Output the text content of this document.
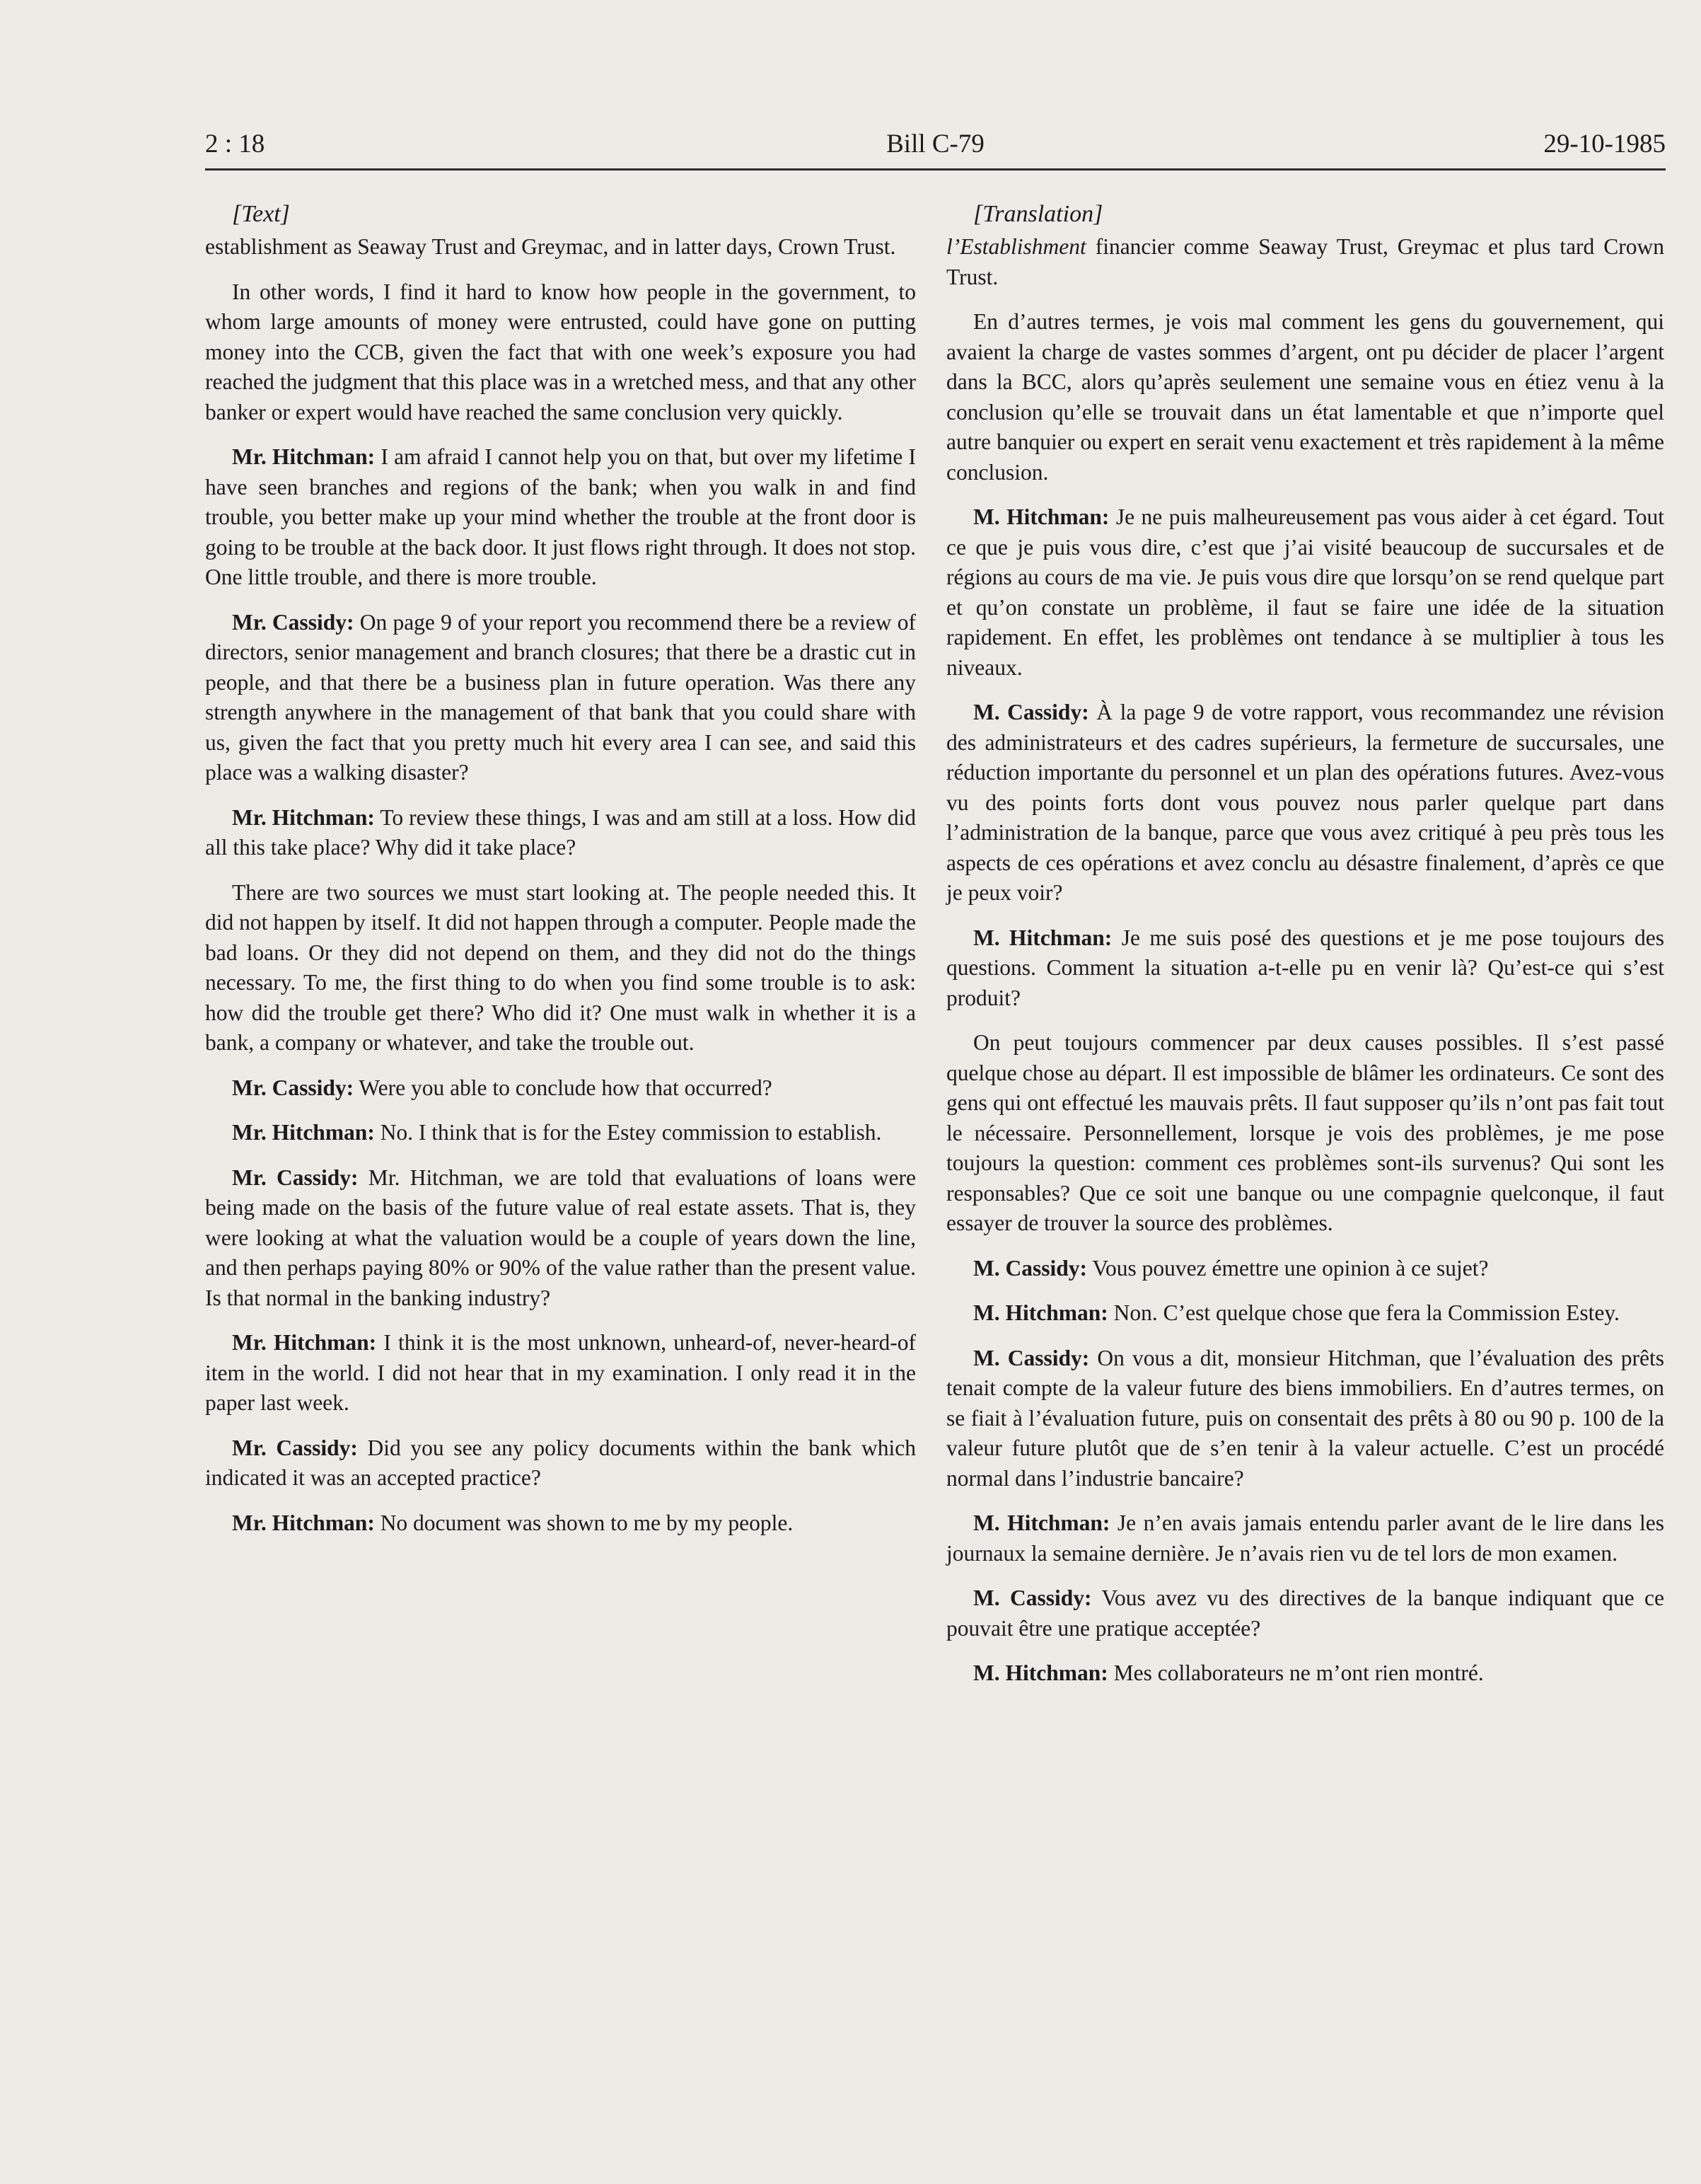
2 : 18	Bill C-79	29-10-1985

[Text]

establishment as Seaway Trust and Greymac, and in latter days, Crown Trust.

In other words, I find it hard to know how people in the government, to whom large amounts of money were entrusted, could have gone on putting money into the CCB, given the fact that with one week’s exposure you had reached the judgment that this place was in a wretched mess, and that any other banker or expert would have reached the same conclusion very quickly.

Mr. Hitchman: I am afraid I cannot help you on that, but over my lifetime I have seen branches and regions of the bank; when you walk in and find trouble, you better make up your mind whether the trouble at the front door is going to be trouble at the back door. It just flows right through. It does not stop. One little trouble, and there is more trouble.

Mr. Cassidy: On page 9 of your report you recommend there be a review of directors, senior management and branch closures; that there be a drastic cut in people, and that there be a business plan in future operation. Was there any strength anywhere in the management of that bank that you could share with us, given the fact that you pretty much hit every area I can see, and said this place was a walking disaster?

Mr. Hitchman: To review these things, I was and am still at a loss. How did all this take place? Why did it take place?

There are two sources we must start looking at. The people needed this. It did not happen by itself. It did not happen through a computer. People made the bad loans. Or they did not depend on them, and they did not do the things necessary. To me, the first thing to do when you find some trouble is to ask: how did the trouble get there? Who did it? One must walk in whether it is a bank, a company or whatever, and take the trouble out.

Mr. Cassidy: Were you able to conclude how that occurred?

Mr. Hitchman: No. I think that is for the Estey commission to establish.

Mr. Cassidy: Mr. Hitchman, we are told that evaluations of loans were being made on the basis of the future value of real estate assets. That is, they were looking at what the valuation would be a couple of years down the line, and then perhaps paying 80% or 90% of the value rather than the present value. Is that normal in the banking industry?

Mr. Hitchman: I think it is the most unknown, unheard-of, never-heard-of item in the world. I did not hear that in my examination. I only read it in the paper last week.

Mr. Cassidy: Did you see any policy documents within the bank which indicated it was an accepted practice?

Mr. Hitchman: No document was shown to me by my people.

[Translation]

l’Establishment financier comme Seaway Trust, Greymac et plus tard Crown Trust.

En d’autres termes, je vois mal comment les gens du gouvernement, qui avaient la charge de vastes sommes d’argent, ont pu décider de placer l’argent dans la BCC, alors qu’après seulement une semaine vous en étiez venu à la conclusion qu’elle se trouvait dans un état lamentable et que n’importe quel autre banquier ou expert en serait venu exactement et très rapidement à la même conclusion.

M. Hitchman: Je ne puis malheureusement pas vous aider à cet égard. Tout ce que je puis vous dire, c’est que j’ai visité beaucoup de succursales et de régions au cours de ma vie. Je puis vous dire que lorsqu’on se rend quelque part et qu’on constate un problème, il faut se faire une idée de la situation rapidement. En effet, les problèmes ont tendance à se multiplier à tous les niveaux.

M. Cassidy: À la page 9 de votre rapport, vous recommandez une révision des administrateurs et des cadres supérieurs, la fermeture de succursales, une réduction importante du personnel et un plan des opérations futures. Avez-vous vu des points forts dont vous pouvez nous parler quelque part dans l’administration de la banque, parce que vous avez critiqué à peu près tous les aspects de ces opérations et avez conclu au désastre finalement, d’après ce que je peux voir?

M. Hitchman: Je me suis posé des questions et je me pose toujours des questions. Comment la situation a-t-elle pu en venir là? Qu’est-ce qui s’est produit?

On peut toujours commencer par deux causes possibles. Il s’est passé quelque chose au départ. Il est impossible de blâmer les ordinateurs. Ce sont des gens qui ont effectué les mauvais prêts. Il faut supposer qu’ils n’ont pas fait tout le nécessaire. Personnellement, lorsque je vois des problèmes, je me pose toujours la question: comment ces problèmes sont-ils survenus? Qui sont les responsables? Que ce soit une banque ou une compagnie quelconque, il faut essayer de trouver la source des problèmes.

M. Cassidy: Vous pouvez émettre une opinion à ce sujet?

M. Hitchman: Non. C’est quelque chose que fera la Commission Estey.

M. Cassidy: On vous a dit, monsieur Hitchman, que l’évaluation des prêts tenait compte de la valeur future des biens immobiliers. En d’autres termes, on se fiait à l’évaluation future, puis on consentait des prêts à 80 ou 90 p. 100 de la valeur future plutôt que de s’en tenir à la valeur actuelle. C’est un procédé normal dans l’industrie bancaire?

M. Hitchman: Je n’en avais jamais entendu parler avant de le lire dans les journaux la semaine dernière. Je n’avais rien vu de tel lors de mon examen.

M. Cassidy: Vous avez vu des directives de la banque indiquant que ce pouvait être une pratique acceptée?

M. Hitchman: Mes collaborateurs ne m’ont rien montré.
